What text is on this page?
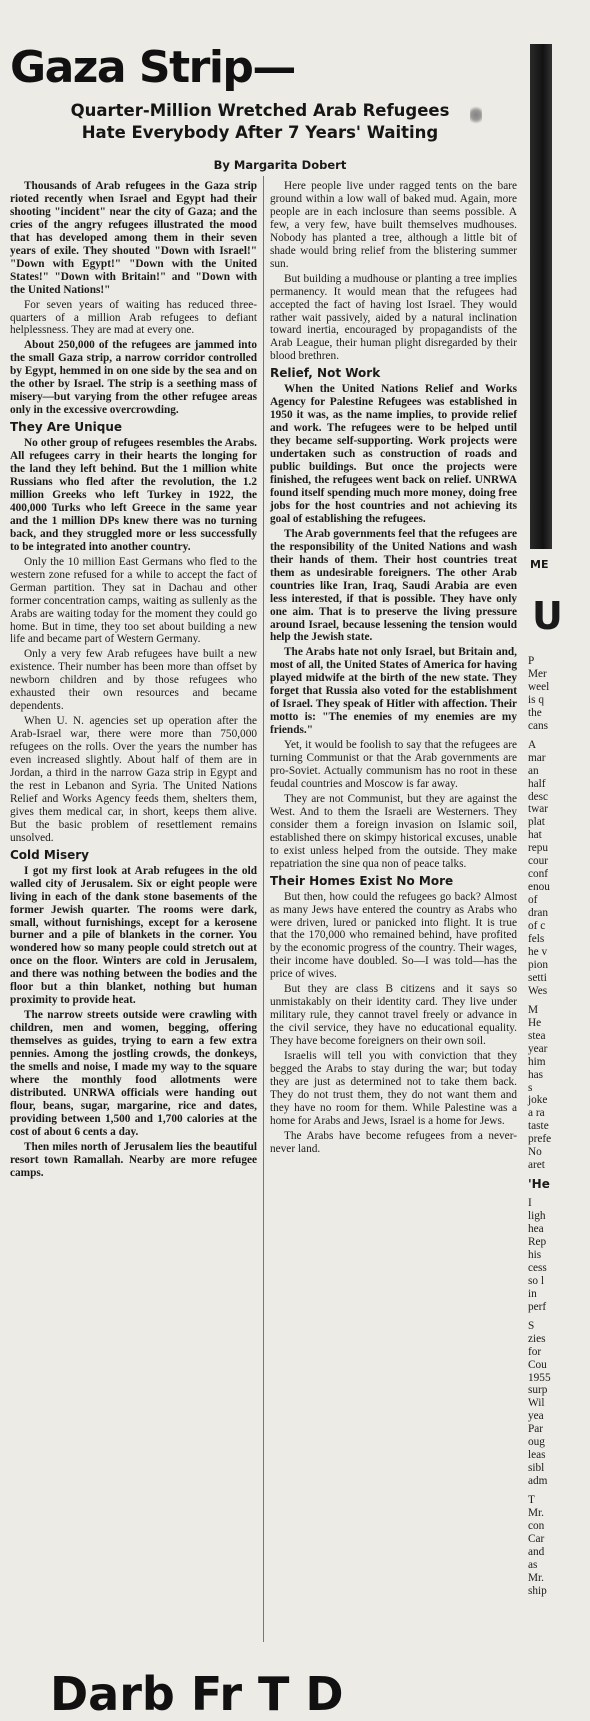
Gaza Strip—
Quarter-Million Wretched Arab Refugees
Hate Everybody After 7 Years' Waiting
By Margarita Dobert

Thousands of Arab refugees in the Gaza strip rioted recently when Israel and Egypt had their shooting "incident" near the city of Gaza; and the cries of the angry refugees illustrated the mood that has developed among them in their seven years of exile. They shouted "Down with Israel!" "Down with Egypt!" "Down with the United States!" "Down with Britain!" and "Down with the United Nations!"

For seven years of waiting has reduced three-quarters of a million Arab refugees to defiant helplessness. They are mad at every one.

About 250,000 of the refugees are jammed into the small Gaza strip, a narrow corridor controlled by Egypt, hemmed in on one side by the sea and on the other by Israel. The strip is a seething mass of misery—but varying from the other refugee areas only in the excessive overcrowding.

They Are Unique

No other group of refugees resembles the Arabs. All refugees carry in their hearts the longing for the land they left behind. But the 1 million white Russians who fled after the revolution, the 1.2 million Greeks who left Turkey in 1922, the 400,000 Turks who left Greece in the same year and the 1 million DPs knew there was no turning back, and they struggled more or less successfully to be integrated into another country.

Only the 10 million East Germans who fled to the western zone refused for a while to accept the fact of German partition. They sat in Dachau and other former concentration camps, waiting as sullenly as the Arabs are waiting today for the moment they could go home. But in time, they too set about building a new life and became part of Western Germany.

Only a very few Arab refugees have built a new existence. Their number has been more than offset by newborn children and by those refugees who exhausted their own resources and became dependents.

When U. N. agencies set up operation after the Arab-Israel war, there were more than 750,000 refugees on the rolls. Over the years the number has even increased slightly. About half of them are in Jordan, a third in the narrow Gaza strip in Egypt and the rest in Lebanon and Syria. The United Nations Relief and Works Agency feeds them, shelters them, gives them medical car, in short, keeps them alive. But the basic problem of resettlement remains unsolved.

Cold Misery

I got my first look at Arab refugees in the old walled city of Jerusalem. Six or eight people were living in each of the dank stone basements of the former Jewish quarter. The rooms were dark, small, without furnishings, except for a kerosene burner and a pile of blankets in the corner. You wondered how so many people could stretch out at once on the floor. Winters are cold in Jerusalem, and there was nothing between the bodies and the floor but a thin blanket, nothing but human proximity to provide heat.

The narrow streets outside were crawling with children, men and women, begging, offering themselves as guides, trying to earn a few extra pennies. Among the jostling crowds, the donkeys, the smells and noise, I made my way to the square where the monthly food allotments were distributed. UNRWA officials were handing out flour, beans, sugar, margarine, rice and dates, providing between 1,500 and 1,700 calories at the cost of about 6 cents a day.

Then miles north of Jerusalem lies the beautiful resort town Ramallah. Nearby are more refugee camps.

Here people live under ragged tents on the bare ground within a low wall of baked mud. Again, more people are in each inclosure than seems possible. A few, a very few, have built themselves mudhouses. Nobody has planted a tree, although a little bit of shade would bring relief from the blistering summer sun.

But building a mudhouse or planting a tree implies permanency. It would mean that the refugees had accepted the fact of having lost Israel. They would rather wait passively, aided by a natural inclination toward inertia, encouraged by propagandists of the Arab League, their human plight disregarded by their blood brethren.

Relief, Not Work

When the United Nations Relief and Works Agency for Palestine Refugees was established in 1950 it was, as the name implies, to provide relief and work. The refugees were to be helped until they became self-supporting. Work projects were undertaken such as construction of roads and public buildings. But once the projects were finished, the refugees went back on relief. UNRWA found itself spending much more money, doing free jobs for the host countries and not achieving its goal of establishing the refugees.

The Arab governments feel that the refugees are the responsibility of the United Nations and wash their hands of them. Their host countries treat them as undesirable foreigners. The other Arab countries like Iran, Iraq, Saudi Arabia are even less interested, if that is possible. They have only one aim. That is to preserve the living pressure around Israel, because lessening the tension would help the Jewish state.

The Arabs hate not only Israel, but Britain and, most of all, the United States of America for having played midwife at the birth of the new state. They forget that Russia also voted for the establishment of Israel. They speak of Hitler with affection. Their motto is: "The enemies of my enemies are my friends."

Yet, it would be foolish to say that the refugees are turning Communist or that the Arab governments are pro-Soviet. Actually communism has no root in these feudal countries and Moscow is far away.

They are not Communist, but they are against the West. And to them the Israeli are Westerners. They consider them a foreign invasion on Islamic soil, established there on skimpy historical excuses, unable to exist unless helped from the outside. They make repatriation the sine qua non of peace talks.

Their Homes Exist No More

But then, how could the refugees go back? Almost as many Jews have entered the country as Arabs who were driven, lured or panicked into flight. It is true that the 170,000 who remained behind, have profited by the economic progress of the country. Their wages, their income have doubled. So—I was told—has the price of wives.

But they are class B citizens and it says so unmistakably on their identity card. They live under military rule, they cannot travel freely or advance in the civil service, they have no educational equality. They have become foreigners on their own soil.

Israelis will tell you with conviction that they begged the Arabs to stay during the war; but today they are just as determined not to take them back. They do not trust them, they do not want them and they have no room for them. While Palestine was a home for Arabs and Jews, Israel is a home for Jews.

The Arabs have become refugees from a never-never land.

ME
U
P
Mer
weel
is q
the
cans
A
mar
an
half
desc
twar
plat
hat
repu
cour
conf
enou
of
dran
of c
fels
he v
pion
setti
Wes
M
He
stea
year
him
has
s
joke
a ra
taste
prefe
No
aret
'He
I
ligh
hea
Rep
his
cess
so l
in
perf
S
zies
for
Cou
1955
surp
Wil
yea
Par
oug
leas
sibl
adm
T
Mr.
con
Car
and
as
Mr.
ship
Darb Fr T D
